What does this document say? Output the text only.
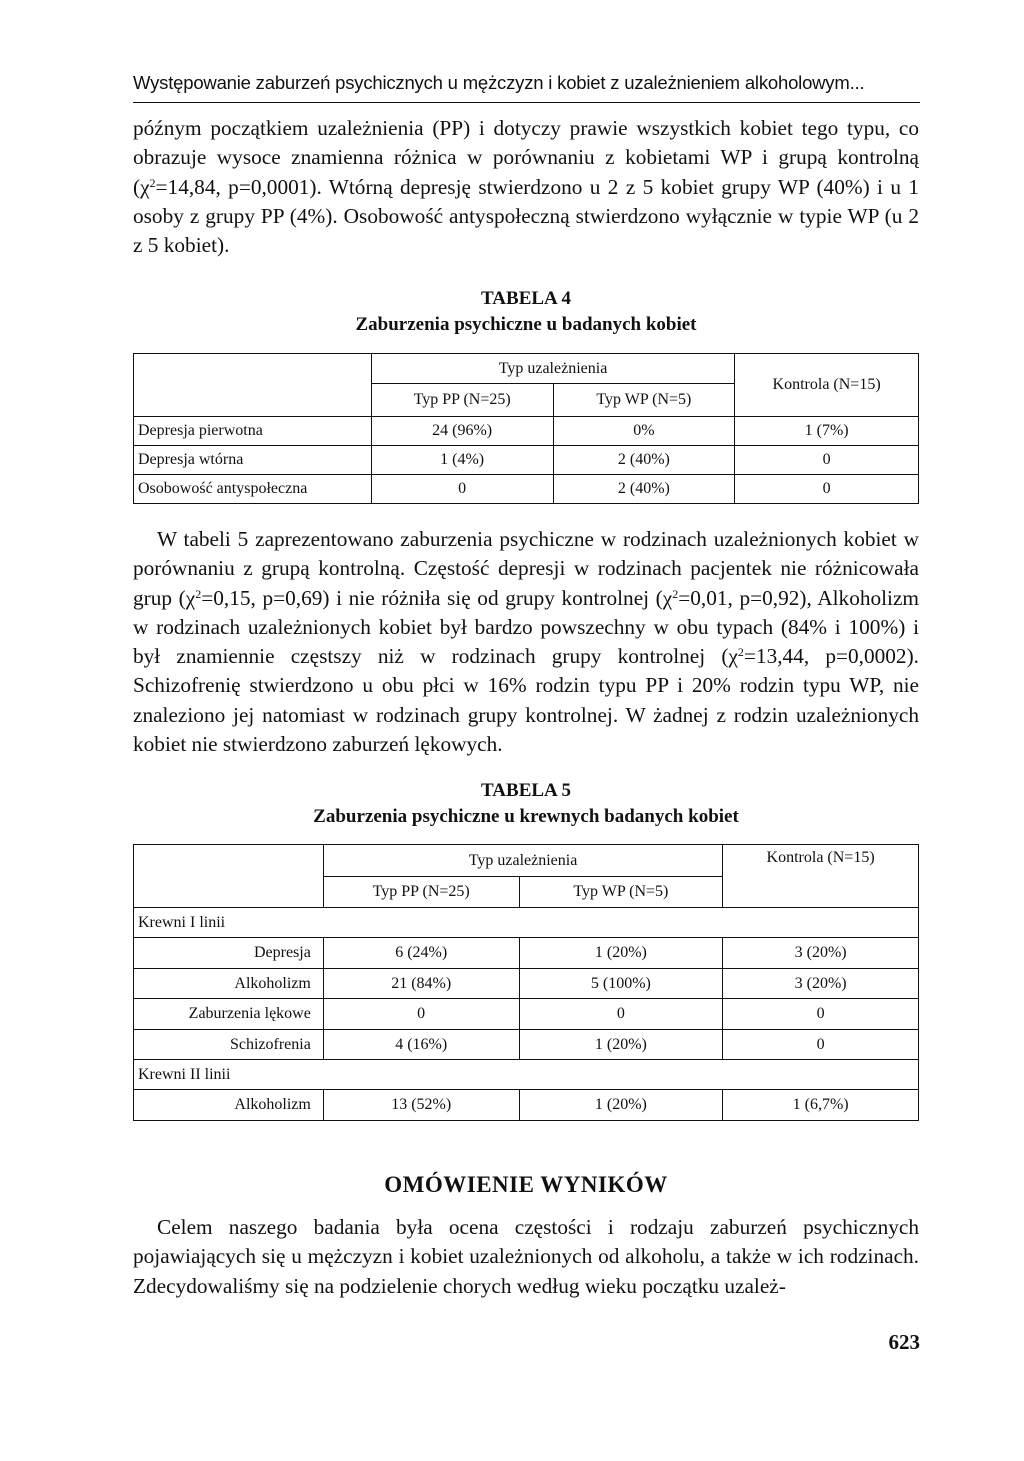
Występowanie zaburzeń psychicznych u mężczyzn i kobiet z uzależnieniem alkoholowym...
późnym początkiem uzależnienia (PP) i dotyczy prawie wszystkich kobiet tego typu, co obrazuje wysoce znamienna różnica w porównaniu z kobietami WP i grupą kontrolną ($\chi^2=14,84$, p=0,0001). Wtórną depresję stwierdzono u 2 z 5 kobiet grupy WP (40%) i u 1 osoby z grupy PP (4%). Osobowość antyspołeczną stwierdzono wyłącznie w typie WP (u 2 z 5 kobiet).
TABELA 4
Zaburzenia psychiczne u badanych kobiet
	Typ uzależnienia		Kontrola (N=15)
	Typ PP (N=25)	Typ WP (N=5)	
Depresja pierwotna	24 (96%)	0%	1 (7%)
Depresja wtórna	1 (4%)	2 (40%)	0
Osobowość antyspołeczna	0	2 (40%)	0
W tabeli 5 zaprezentowano zaburzenia psychiczne w rodzinach uzależnionych kobiet w porównaniu z grupą kontrolną. Częstość depresji w rodzinach pacjentek nie różnicowała grup ($\chi^2=0,15$, p=0,69) i nie różniła się od grupy kontrolnej ($\chi^2=0,01$, p=0,92), Alkoholizm w rodzinach uzależnionych kobiet był bardzo powszechny w obu typach (84% i 100%) i był znamiennie częstszy niż w rodzinach grupy kontrolnej ($\chi^2=13,44$, p=0,0002). Schizofrenię stwierdzono u obu płci w 16% rodzin typu PP i 20% rodzin typu WP, nie znaleziono jej natomiast w rodzinach grupy kontrolnej. W żadnej z rodzin uzależnionych kobiet nie stwierdzono zaburzeń lękowych.
TABELA 5
Zaburzenia psychiczne u krewnych badanych kobiet
	Typ uzależnienia		Kontrola (N=15)
	Typ PP (N=25)	Typ WP (N=5)	
Krewni I linii			
Depresja	6 (24%)	1 (20%)	3 (20%)
Alkoholizm	21 (84%)	5 (100%)	3 (20%)
Zaburzenia lękowe	0	0	0
Schizofrenia	4 (16%)	1 (20%)	0
Krewni II linii			
Alkoholizm	13 (52%)	1 (20%)	1 (6,7%)
OMÓWIENIE WYNIKÓW
Celem naszego badania była ocena częstości i rodzaju zaburzeń psychicznych pojawiających się u mężczyzn i kobiet uzależnionych od alkoholu, a także w ich rodzinach. Zdecydowaliśmy się na podzielenie chorych według wieku początku uzależ-
623
